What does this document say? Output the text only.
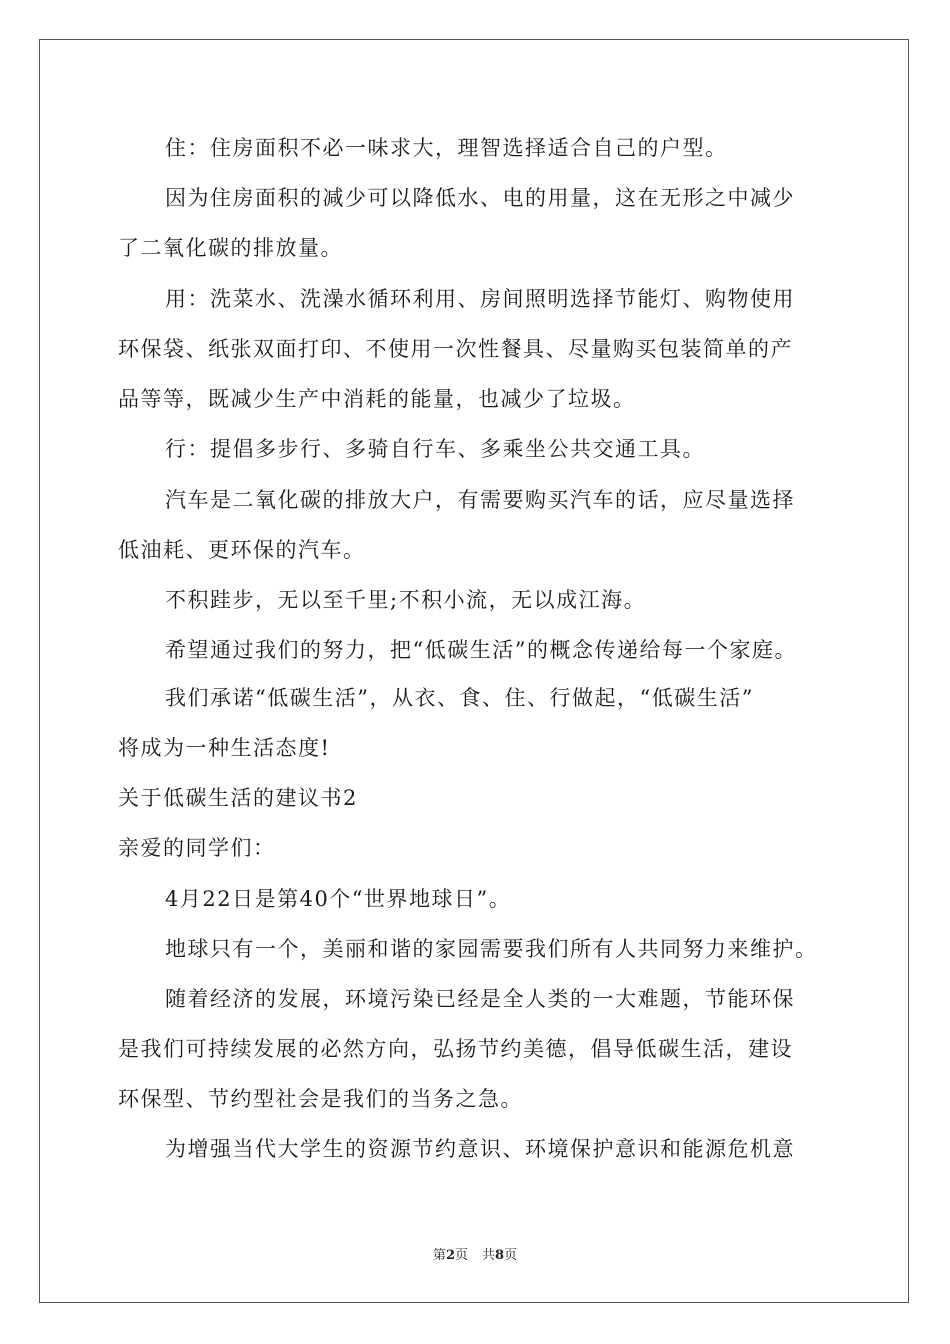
住：住房面积不必一味求大，理智选择适合自己的户型。
因为住房面积的减少可以降低水、电的用量，这在无形之中减少
了二氧化碳的排放量。
用：洗菜水、洗澡水循环利用、房间照明选择节能灯、购物使用
环保袋、纸张双面打印、不使用一次性餐具、尽量购买包装简单的产
品等等，既减少生产中消耗的能量，也减少了垃圾。
行：提倡多步行、多骑自行车、多乘坐公共交通工具。
汽车是二氧化碳的排放大户，有需要购买汽车的话，应尽量选择
低油耗、更环保的汽车。
不积跬步，无以至千里;不积小流，无以成江海。
希望通过我们的努力，把“低碳生活”的概念传递给每一个家庭。
我们承诺“低碳生活”，从衣、食、住、行做起，“低碳生活”
将成为一种生活态度!
关于低碳生活的建议书2
亲爱的同学们：
4月22日是第40个“世界地球日”。
地球只有一个，美丽和谐的家园需要我们所有人共同努力来维护。
随着经济的发展，环境污染已经是全人类的一大难题，节能环保
是我们可持续发展的必然方向，弘扬节约美德，倡导低碳生活，建设
环保型、节约型社会是我们的当务之急。
为增强当代大学生的资源节约意识、环境保护意识和能源危机意
第2页 共8页
